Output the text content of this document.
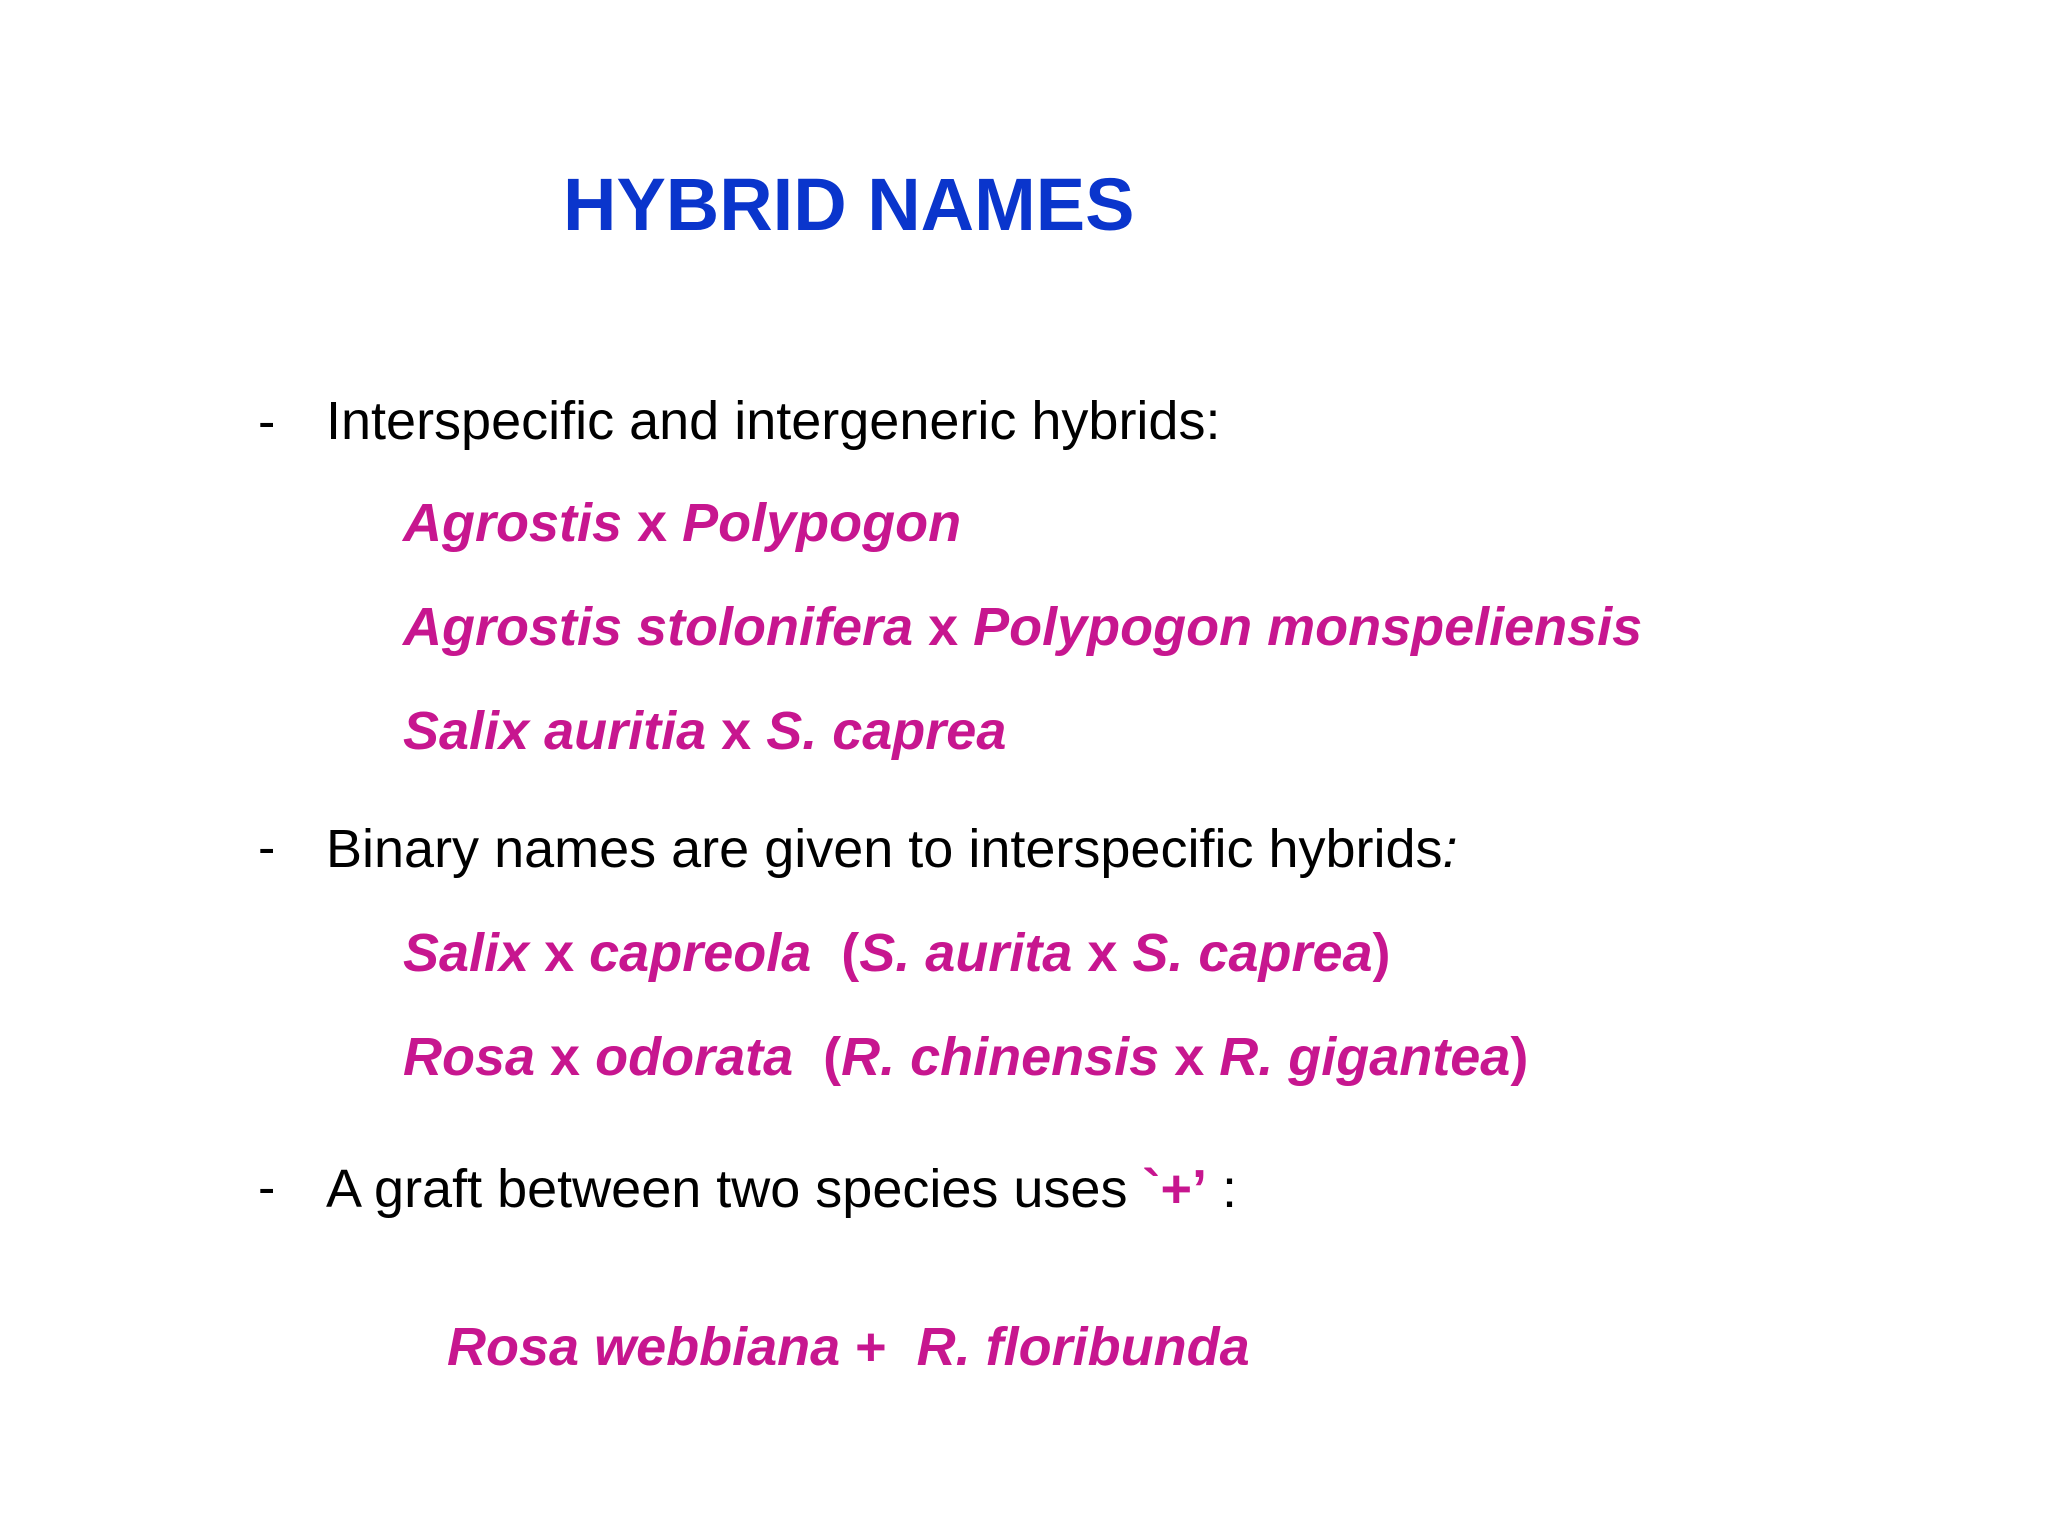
HYBRID NAMES
- Interspecific and intergeneric hybrids:
Agrostis x Polypogon
Agrostis stolonifera x Polypogon monspeliensis
Salix auritia x S. caprea
- Binary names are given to interspecific hybrids:
Salix x capreola  (S. aurita x S. caprea)
Rosa x odorata  (R. chinensis x R. gigantea)
- A graft between two species uses `+’ :

Rosa webbiana +  R. floribunda
